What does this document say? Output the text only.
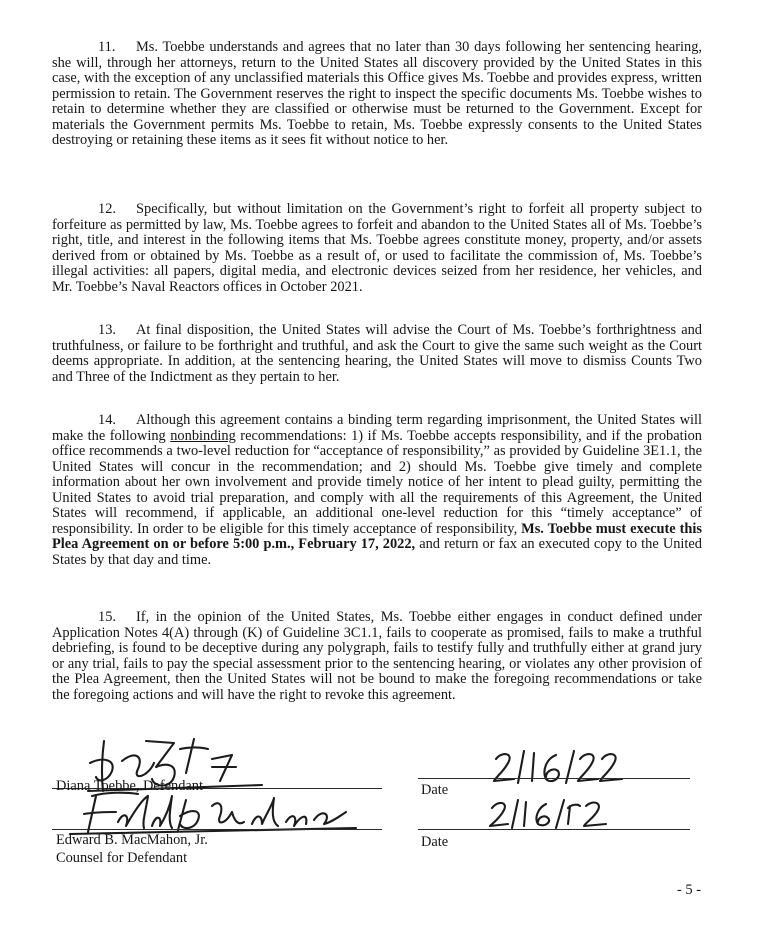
11. Ms. Toebbe understands and agrees that no later than 30 days following her sentencing hearing, she will, through her attorneys, return to the United States all discovery provided by the United States in this case, with the exception of any unclassified materials this Office gives Ms. Toebbe and provides express, written permission to retain. The Government reserves the right to inspect the specific documents Ms. Toebbe wishes to retain to determine whether they are classified or otherwise must be returned to the Government. Except for materials the Government permits Ms. Toebbe to retain, Ms. Toebbe expressly consents to the United States destroying or retaining these items as it sees fit without notice to her.

12. Specifically, but without limitation on the Government’s right to forfeit all property subject to forfeiture as permitted by law, Ms. Toebbe agrees to forfeit and abandon to the United States all of Ms. Toebbe’s right, title, and interest in the following items that Ms. Toebbe agrees constitute money, property, and/or assets derived from or obtained by Ms. Toebbe as a result of, or used to facilitate the commission of, Ms. Toebbe’s illegal activities: all papers, digital media, and electronic devices seized from her residence, her vehicles, and Mr. Toebbe’s Naval Reactors offices in October 2021.

13. At final disposition, the United States will advise the Court of Ms. Toebbe’s forthrightness and truthfulness, or failure to be forthright and truthful, and ask the Court to give the same such weight as the Court deems appropriate. In addition, at the sentencing hearing, the United States will move to dismiss Counts Two and Three of the Indictment as they pertain to her.

14. Although this agreement contains a binding term regarding imprisonment, the United States will make the following nonbinding recommendations: 1) if Ms. Toebbe accepts responsibility, and if the probation office recommends a two-level reduction for “acceptance of responsibility,” as provided by Guideline 3E1.1, the United States will concur in the recommendation; and 2) should Ms. Toebbe give timely and complete information about her own involvement and provide timely notice of her intent to plead guilty, permitting the United States to avoid trial preparation, and comply with all the requirements of this Agreement, the United States will recommend, if applicable, an additional one-level reduction for this “timely acceptance” of responsibility. In order to be eligible for this timely acceptance of responsibility, Ms. Toebbe must execute this Plea Agreement on or before 5:00 p.m., February 17, 2022, and return or fax an executed copy to the United States by that day and time.

15. If, in the opinion of the United States, Ms. Toebbe either engages in conduct defined under Application Notes 4(A) through (K) of Guideline 3C1.1, fails to cooperate as promised, fails to make a truthful debriefing, is found to be deceptive during any polygraph, fails to testify fully and truthfully either at grand jury or any trial, fails to pay the special assessment prior to the sentencing hearing, or violates any other provision of the Plea Agreement, then the United States will not be bound to make the foregoing recommendations or take the foregoing actions and will have the right to revoke this agreement.

Diana Toebbe, Defendant	Date
Edward B. MacMahon, Jr.
Counsel for Defendant
Date
- 5 -
